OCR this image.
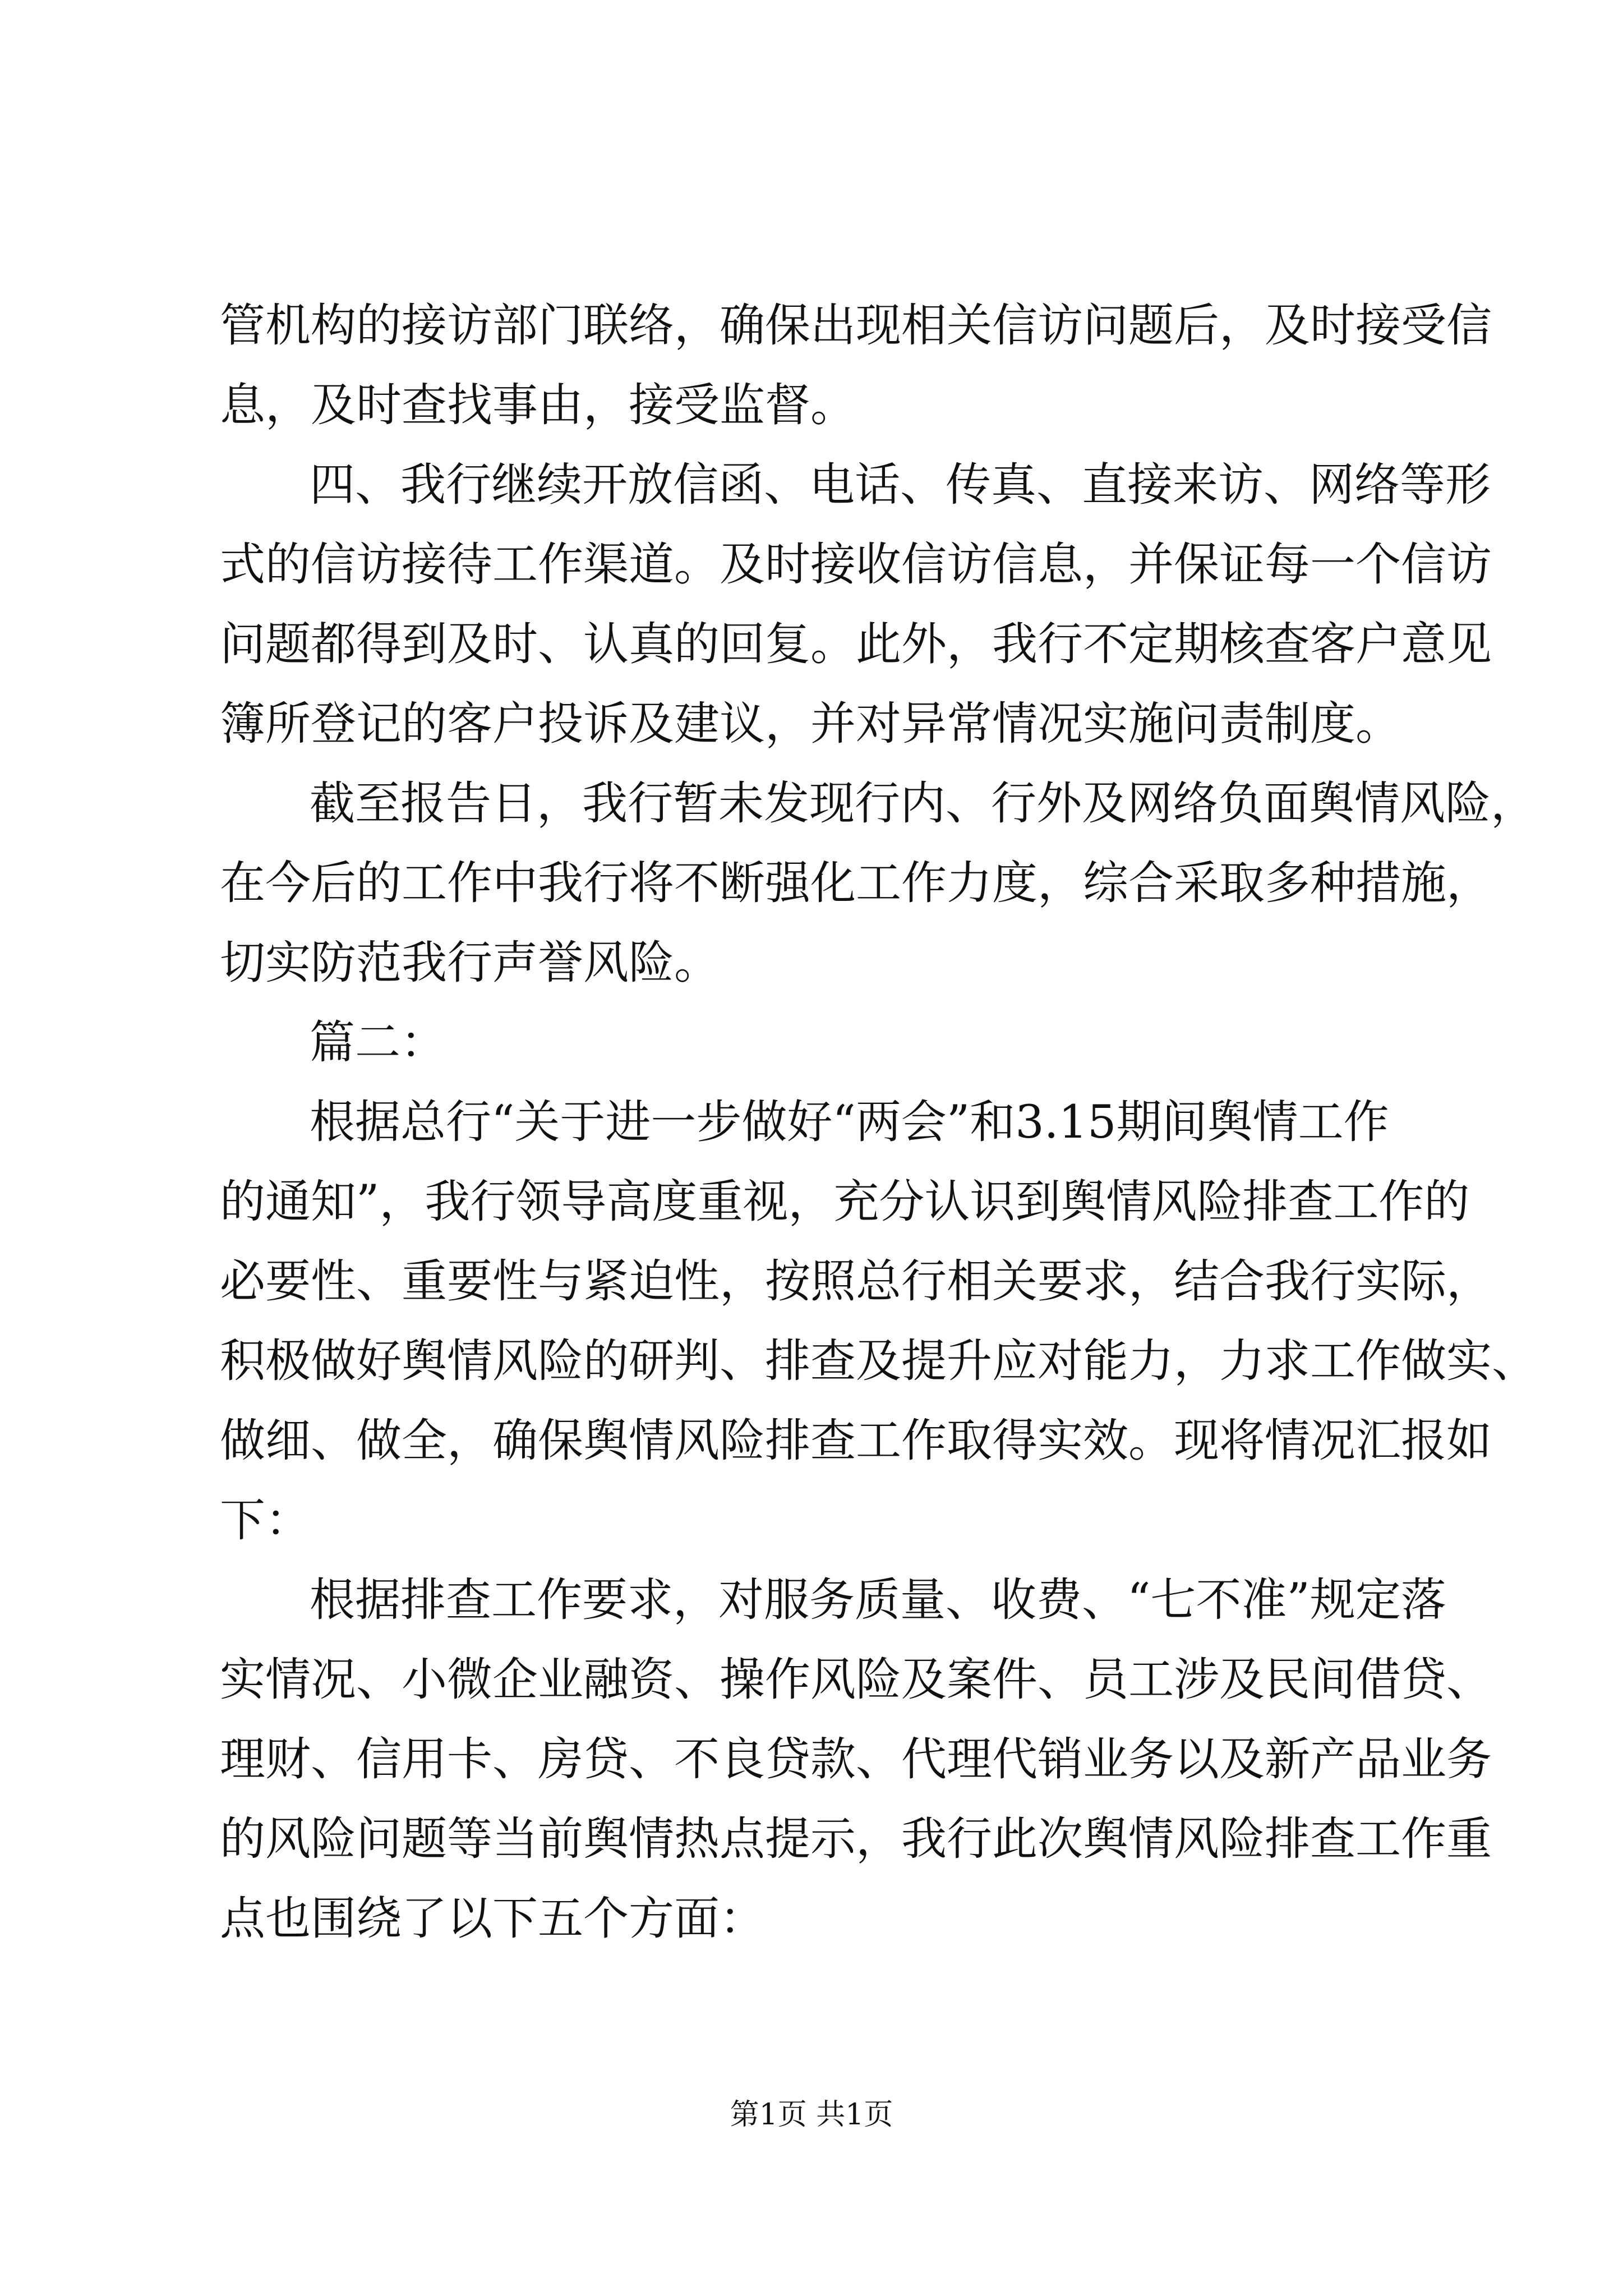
管机构的接访部门联络，确保出现相关信访问题后，及时接受信

息，及时查找事由，接受监督。

四、我行继续开放信函、电话、传真、直接来访、网络等形

式的信访接待工作渠道。及时接收信访信息，并保证每一个信访

问题都得到及时、认真的回复。此外，我行不定期核查客户意见

簿所登记的客户投诉及建议，并对异常情况实施问责制度。

截至报告日，我行暂未发现行内、行外及网络负面舆情风险，

在今后的工作中我行将不断强化工作力度，综合采取多种措施，

切实防范我行声誉风险。

篇二：

根据总行“关于进一步做好“两会”和3.15期间舆情工作

的通知”，我行领导高度重视，充分认识到舆情风险排查工作的

必要性、重要性与紧迫性，按照总行相关要求，结合我行实际，

积极做好舆情风险的研判、排查及提升应对能力，力求工作做实、

做细、做全，确保舆情风险排查工作取得实效。现将情况汇报如

下：

根据排查工作要求，对服务质量、收费、“七不准”规定落

实情况、小微企业融资、操作风险及案件、员工涉及民间借贷、

理财、信用卡、房贷、不良贷款、代理代销业务以及新产品业务

的风险问题等当前舆情热点提示，我行此次舆情风险排查工作重

点也围绕了以下五个方面：

第1页 共1页
